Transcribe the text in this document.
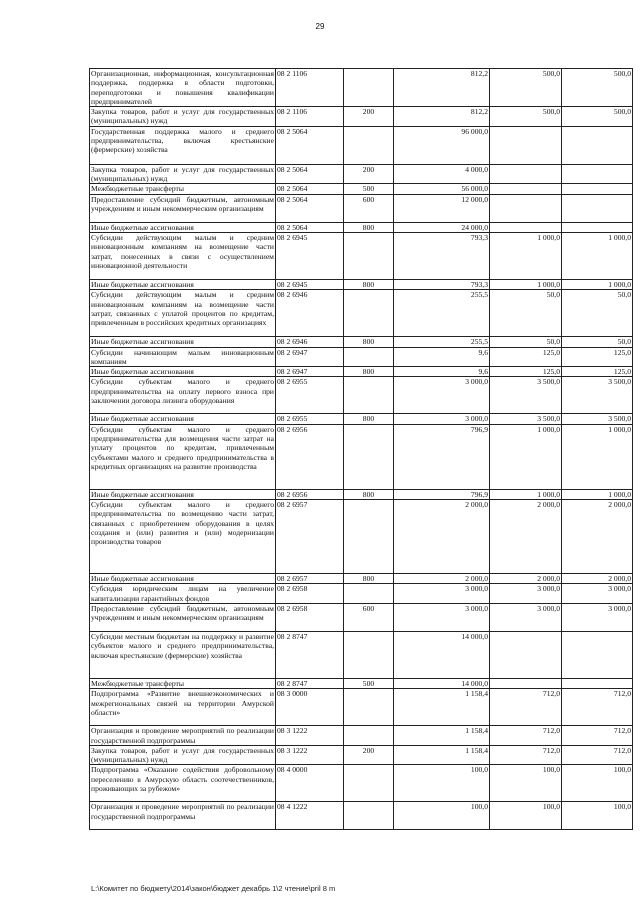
29
Организационная, информационная, консультационная поддержка, поддержка в области подготовки, переподготовки и повышения квалификации предпринимателей	08 2 1106		812,2	500,0	500,0
Закупка товаров, работ и услуг для государственных (муниципальных) нужд	08 2 1106	200	812,2	500,0	500,0
Государственная поддержка малого и среднего предпринимательства, включая крестьянские (фермерские) хозяйства	08 2 5064		96 000,0		
Закупка товаров, работ и услуг для государственных (муниципальных) нужд	08 2 5064	200	4 000,0		
Межбюджетные трансферты	08 2 5064	500	56 000,0		
Предоставление субсидий бюджетным, автономным учреждениям и иным некоммерческим организациям	08 2 5064	600	12 000,0		
Иные бюджетные ассигнования	08 2 5064	800	24 000,0		
Субсидии действующим малым и средним инновационным компаниям на возмещение части затрат, понесенных в связи с осуществлением инновационной деятельности	08 2 6945		793,3	1 000,0	1 000,0
Иные бюджетные ассигнования	08 2 6945	800	793,3	1 000,0	1 000,0
Субсидии действующим малым и средним инновационным компаниям на возмещение части затрат, связанных с уплатой процентов по кредитам, привлеченным в российских кредитных организациях	08 2 6946		255,5	50,0	50,0
Иные бюджетные ассигнования	08 2 6946	800	255,5	50,0	50,0
Субсидии начинающим малым инновационным компаниям	08 2 6947		9,6	125,0	125,0
Иные бюджетные ассигнования	08 2 6947	800	9,6	125,0	125,0
Субсидии субъектам малого и среднего предпринимательства на оплату первого взноса при заключении договора лизинга оборудования	08 2 6955		3 000,0	3 500,0	3 500,0
Иные бюджетные ассигнования	08 2 6955	800	3 000,0	3 500,0	3 500,0
Субсидии субъектам малого и среднего предпринимательства для возмещения части затрат на уплату процентов по кредитам, привлеченным субъектами малого и среднего предпринимательства в кредитных организациях на развитие производства	08 2 6956		796,9	1 000,0	1 000,0
Иные бюджетные ассигнования	08 2 6956	800	796,9	1 000,0	1 000,0
Субсидии субъектам малого и среднего предпринимательства по возмещению части затрат, связанных с приобретением оборудования в целях создания и (или) развития и (или) модернизации производства товаров	08 2 6957		2 000,0	2 000,0	2 000,0
Иные бюджетные ассигнования	08 2 6957	800	2 000,0	2 000,0	2 000,0
Субсидия юридическим лицам на увеличение капитализации гарантийных фондов	08 2 6958		3 000,0	3 000,0	3 000,0
Предоставление субсидий бюджетным, автономным учреждениям и иным некоммерческим организациям	08 2 6958	600	3 000,0	3 000,0	3 000,0
Субсидии местным бюджетам на поддержку и развитие субъектов малого и среднего предпринимательства, включая крестьянские (фермерские) хозяйства	08 2 8747		14 000,0		
Межбюджетные трансферты	08 2 8747	500	14 000,0		
Подпрограмма «Развитие внешнеэкономических и межрегиональных связей на территории Амурской области»	08 3 0000		1 158,4	712,0	712,0
Организация и проведение мероприятий по реализации государственной подпрограммы	08 3 1222		1 158,4	712,0	712,0
Закупка товаров, работ и услуг для государственных (муниципальных) нужд	08 3 1222	200	1 158,4	712,0	712,0
Подпрограмма «Оказание содействия добровольному переселению в Амурскую область соотечественников, проживающих за рубежом»	08 4 0000		100,0	100,0	100,0
Организация и проведение мероприятий по реализации государственной подпрограммы	08 4 1222		100,0	100,0	100,0
L:\Комитет по бюджету\2014\закон\бюджет декабрь 1\2 чтение\pril 8 m
